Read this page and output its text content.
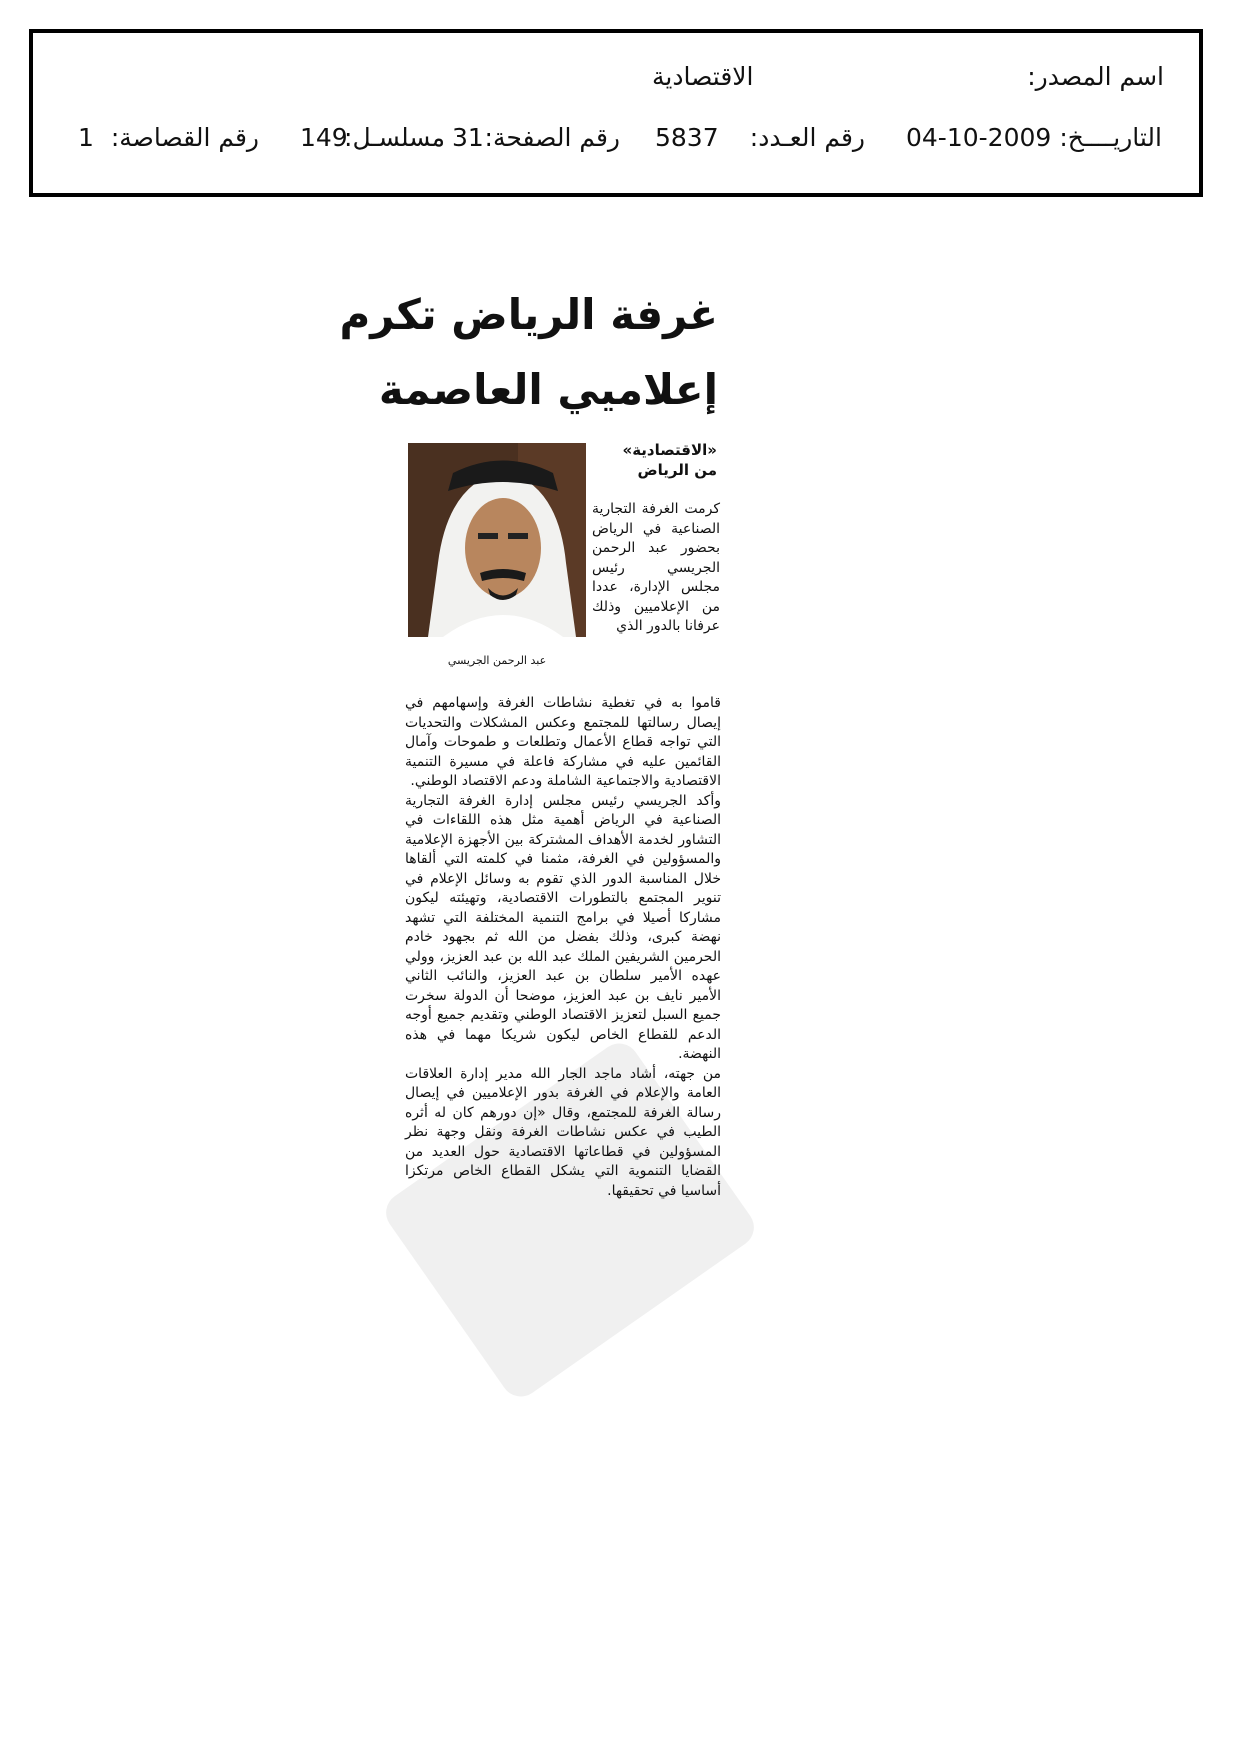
اسم المصدر:
الاقتصادية
التاريــــخ:
04-10-2009
رقم العـدد:
5837
رقم الصفحة:
31
مسلسـل:
149
رقم القصاصة:
1
غرفة الرياض تكرم
إعلاميي العاصمة
«الاقتصادية»
من الرياض
عبد الرحمن الجريسي

كرمت الغرفة التجارية الصناعية في الرياض بحضور عبد الرحمن الجريسي رئيس مجلس الإدارة، عددا من الإعلاميين وذلك عرفانا بالدور الذي

قاموا به في تغطية نشاطات الغرفة وإسهامهم في إيصال رسالتها للمجتمع وعكس المشكلات والتحديات التي تواجه قطاع الأعمال وتطلعات و طموحات وآمال القائمين عليه في مشاركة فاعلة في مسيرة التنمية الاقتصادية والاجتماعية الشاملة ودعم الاقتصاد الوطني.

وأكد الجريسي رئيس مجلس إدارة الغرفة التجارية الصناعية في الرياض أهمية مثل هذه اللقاءات في التشاور لخدمة الأهداف المشتركة بين الأجهزة الإعلامية والمسؤولين في الغرفة، مثمنا في كلمته التي ألقاها خلال المناسبة الدور الذي تقوم به وسائل الإعلام في تنوير المجتمع بالتطورات الاقتصادية، وتهيئته ليكون مشاركا أصيلا في برامج التنمية المختلفة التي تشهد نهضة كبرى، وذلك بفضل من الله ثم بجهود خادم الحرمين الشريفين الملك عبد الله بن عبد العزيز، وولي عهده الأمير سلطان بن عبد العزيز، والنائب الثاني الأمير نايف بن عبد العزيز، موضحا أن الدولة سخرت جميع السبل لتعزيز الاقتصاد الوطني وتقديم جميع أوجه الدعم للقطاع الخاص ليكون شريكا مهما في هذه النهضة.

من جهته، أشاد ماجد الجار الله مدير إدارة العلاقات العامة والإعلام في الغرفة بدور الإعلاميين في إيصال رسالة الغرفة للمجتمع، وقال «إن دورهم كان له أثره الطيب في عكس نشاطات الغرفة ونقل وجهة نظر المسؤولين في قطاعاتها الاقتصادية حول العديد من القضايا التنموية التي يشكل القطاع الخاص مرتكزا أساسيا في تحقيقها.
